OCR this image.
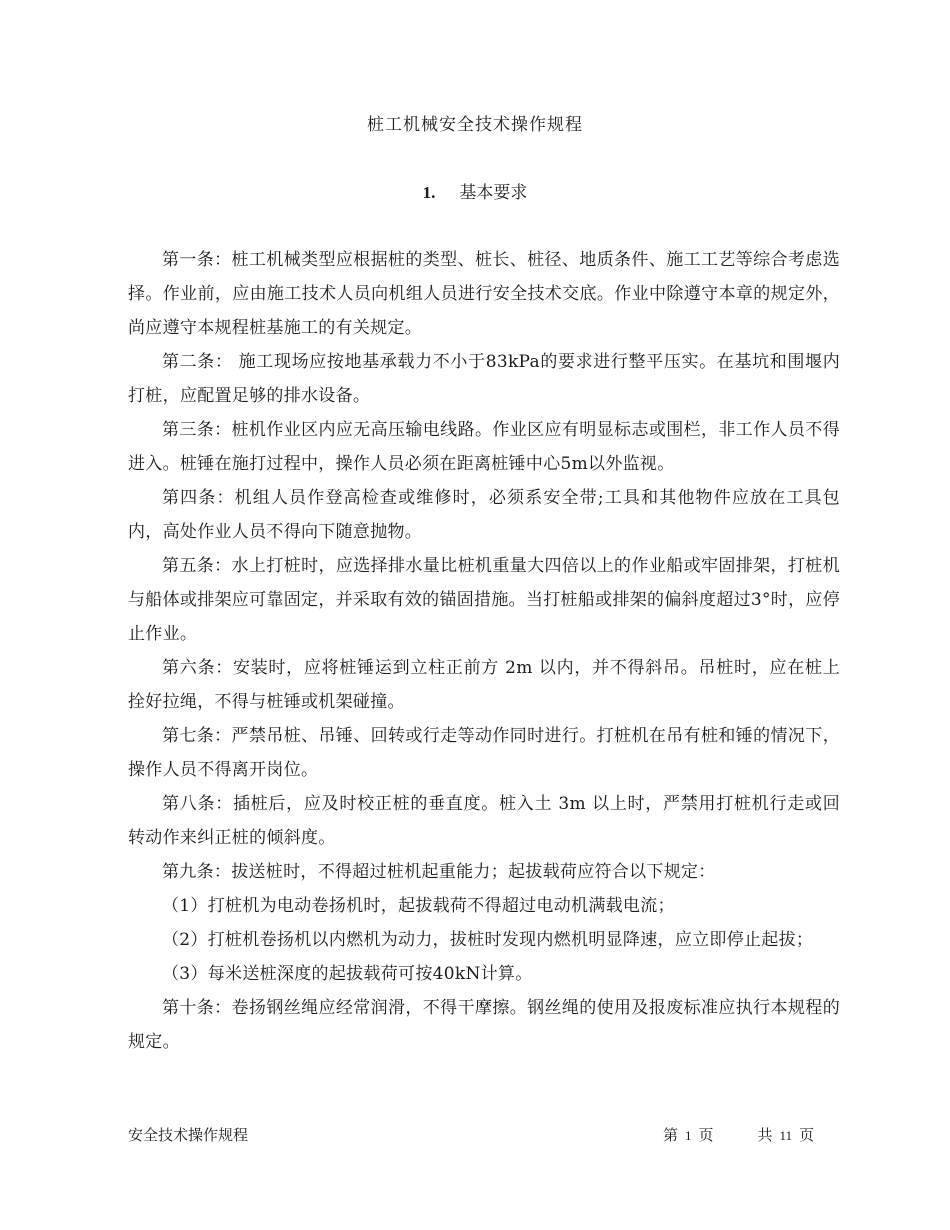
桩工机械安全技术操作规程
1. 基本要求

第一条：桩工机械类型应根据桩的类型、桩长、桩径、地质条件、施工工艺等综合考虑选择。作业前，应由施工技术人员向机组人员进行安全技术交底。作业中除遵守本章的规定外，尚应遵守本规程桩基施工的有关规定。

第二条： 施工现场应按地基承载力不小于83kPa的要求进行整平压实。在基坑和围堰内打桩，应配置足够的排水设备。

第三条：桩机作业区内应无高压输电线路。作业区应有明显标志或围栏，非工作人员不得进入。桩锤在施打过程中，操作人员必须在距离桩锤中心5m以外监视。

第四条：机组人员作登高检查或维修时，必须系安全带;工具和其他物件应放在工具包内，高处作业人员不得向下随意抛物。

第五条：水上打桩时，应选择排水量比桩机重量大四倍以上的作业船或牢固排架，打桩机与船体或排架应可靠固定，并采取有效的锚固措施。当打桩船或排架的偏斜度超过3°时，应停止作业。

第六条：安装时，应将桩锤运到立柱正前方 2m 以内，并不得斜吊。吊桩时，应在桩上拴好拉绳，不得与桩锤或机架碰撞。

第七条：严禁吊桩、吊锤、回转或行走等动作同时进行。打桩机在吊有桩和锤的情况下，操作人员不得离开岗位。

第八条：插桩后，应及时校正桩的垂直度。桩入土 3m 以上时，严禁用打桩机行走或回转动作来纠正桩的倾斜度。

第九条：拔送桩时，不得超过桩机起重能力；起拔载荷应符合以下规定：

（1）打桩机为电动卷扬机时，起拔载荷不得超过电动机满载电流；

（2）打桩机卷扬机以内燃机为动力，拔桩时发现内燃机明显降速，应立即停止起拔；

（3）每米送桩深度的起拔载荷可按40kN计算。

第十条：卷扬钢丝绳应经常润滑，不得干摩擦。钢丝绳的使用及报废标准应执行本规程的规定。

安全技术操作规程	第 1 页	共 11 页
